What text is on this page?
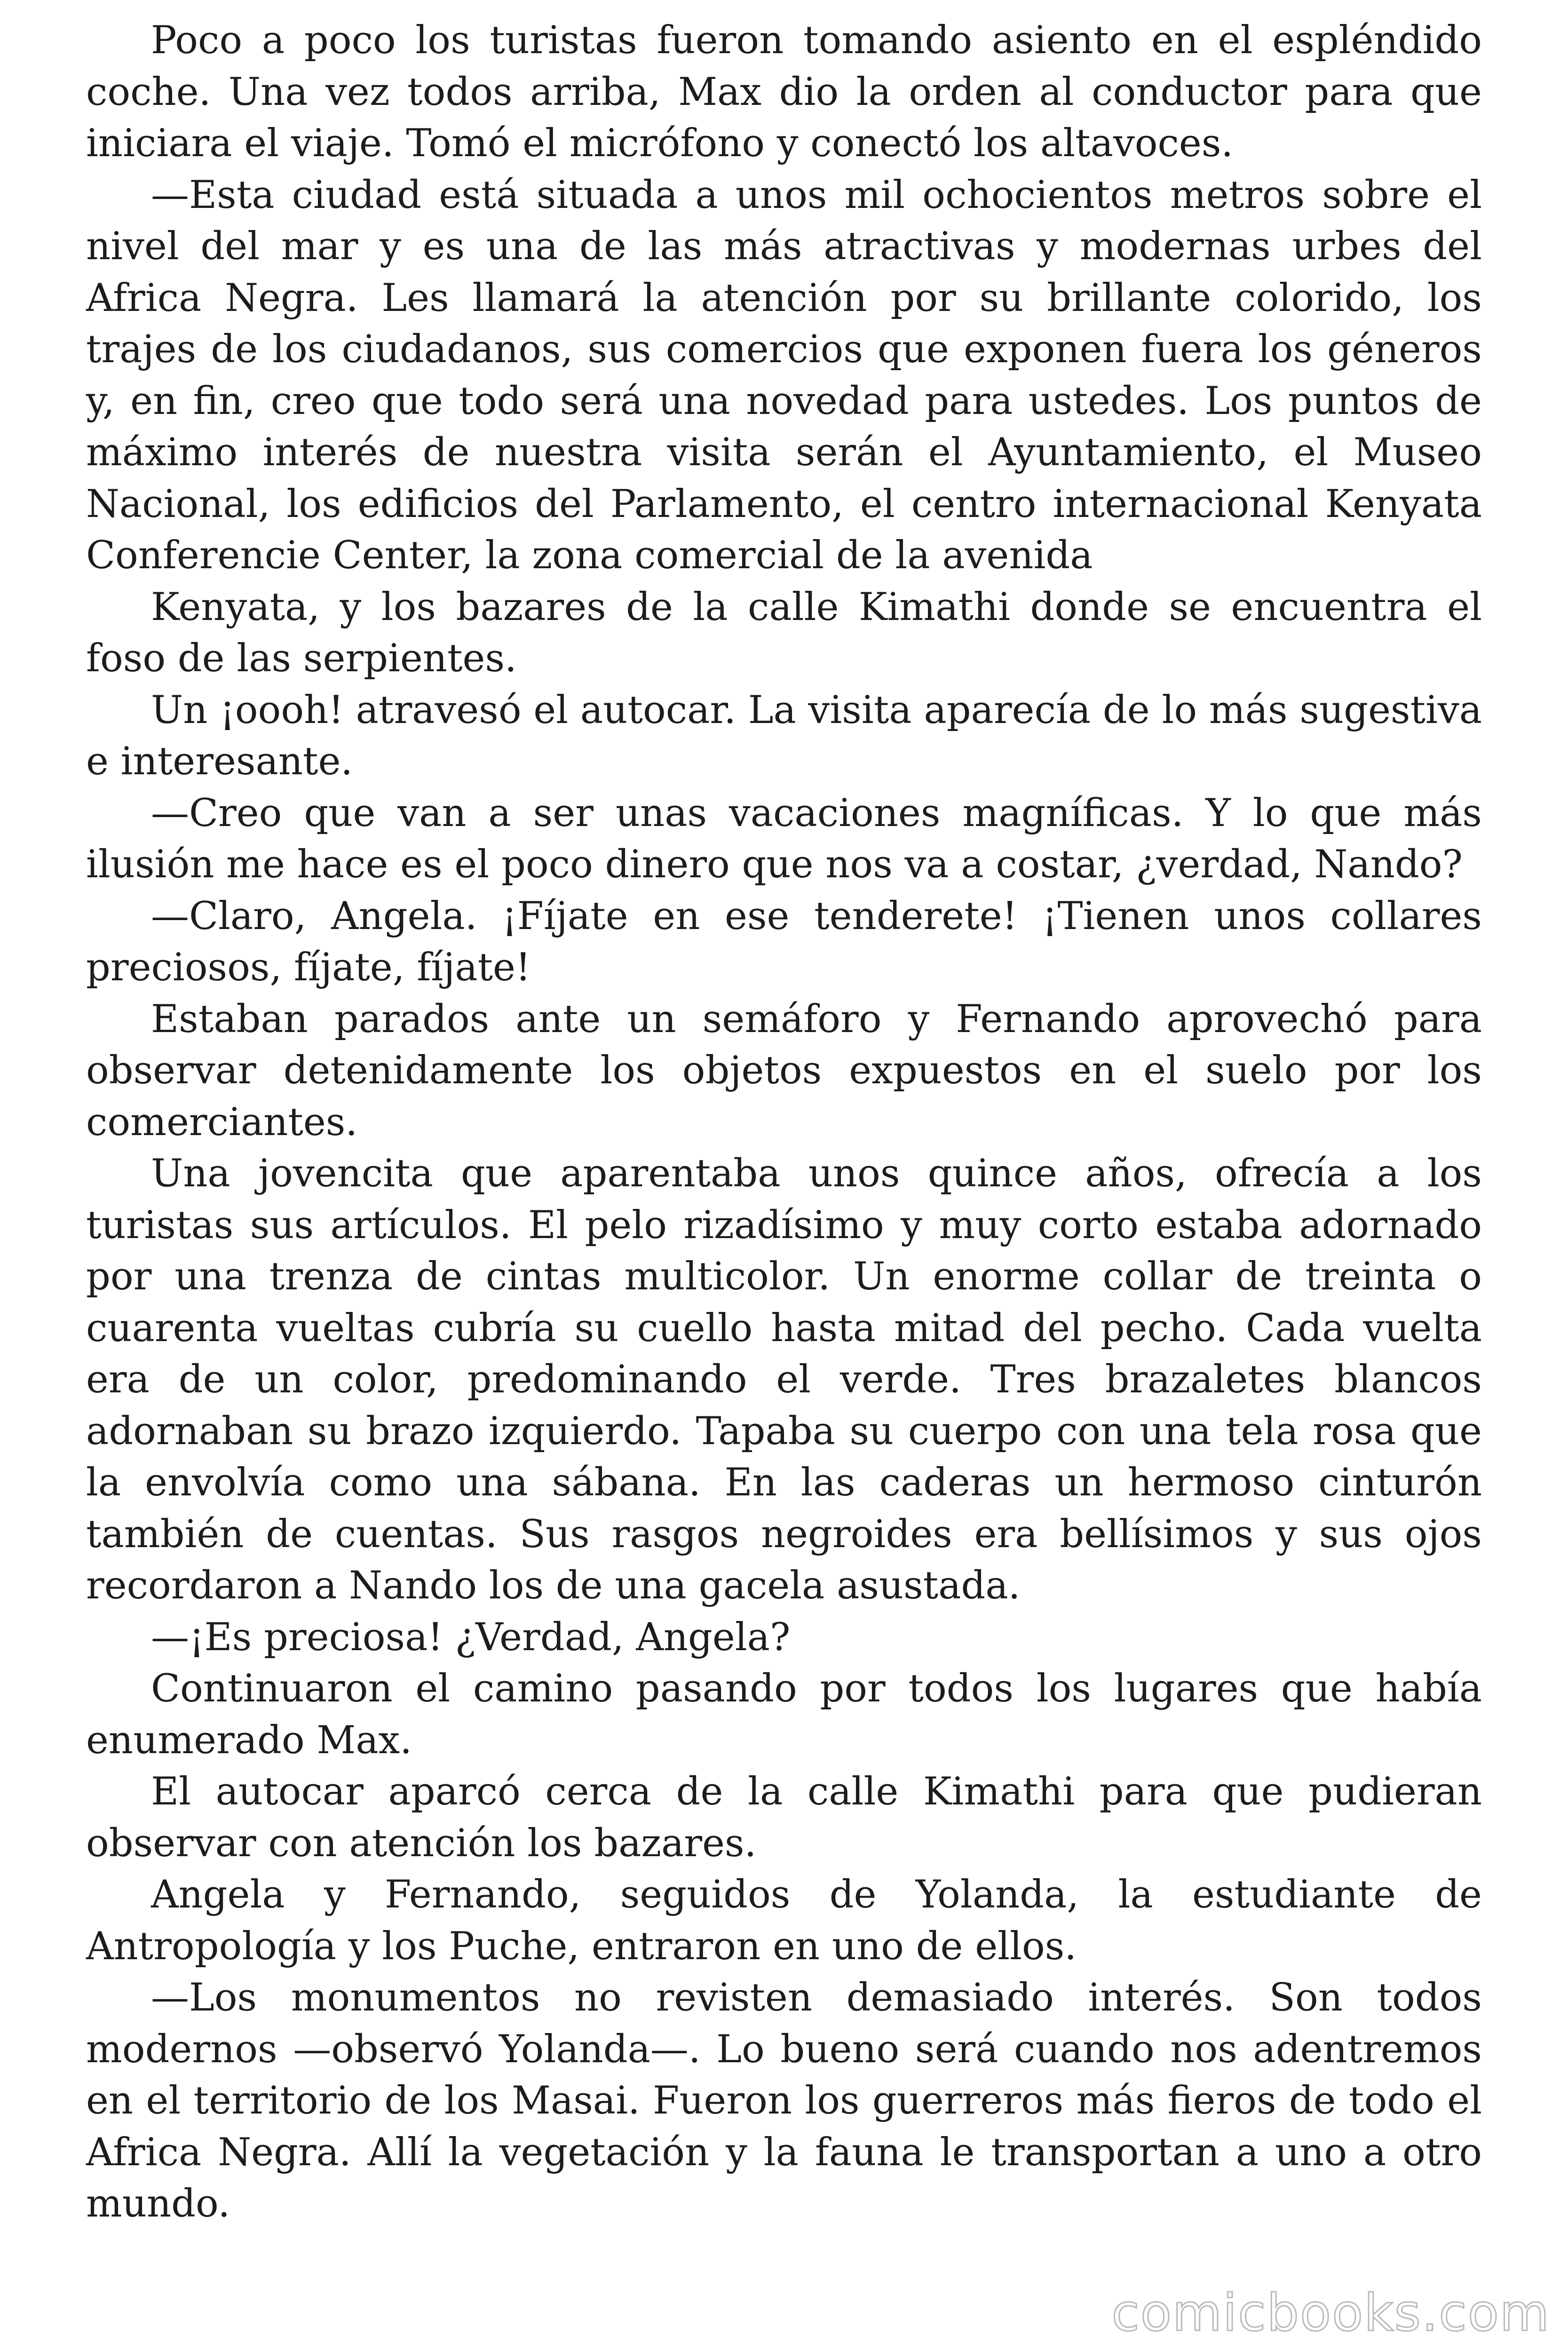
Poco a poco los turistas fueron tomando asiento en el espléndido coche. Una vez todos arriba, Max dio la orden al conductor para que iniciara el viaje. Tomó el micrófono y conectó los altavoces.

—Esta ciudad está situada a unos mil ochocientos metros sobre el nivel del mar y es una de las más atractivas y modernas urbes del Africa Negra. Les llamará la atención por su brillante colorido, los trajes de los ciudadanos, sus comercios que exponen fuera los géneros y, en fin, creo que todo será una novedad para ustedes. Los puntos de máximo interés de nuestra visita serán el Ayuntamiento, el Museo Nacional, los edificios del Parlamento, el centro internacional Kenyata Conferencie Center, la zona comercial de la avenida

Kenyata, y los bazares de la calle Kimathi donde se encuentra el foso de las serpientes.

Un ¡oooh! atravesó el autocar. La visita aparecía de lo más sugestiva e interesante.

—Creo que van a ser unas vacaciones magníficas. Y lo que más ilusión me hace es el poco dinero que nos va a costar, ¿verdad, Nando?

—Claro, Angela. ¡Fíjate en ese tenderete! ¡Tienen unos collares preciosos, fíjate, fíjate!

Estaban parados ante un semáforo y Fernando aprovechó para observar detenidamente los objetos expuestos en el suelo por los comerciantes.

Una jovencita que aparentaba unos quince años, ofrecía a los turistas sus artículos. El pelo rizadísimo y muy corto estaba adornado por una trenza de cintas multicolor. Un enorme collar de treinta o cuarenta vueltas cubría su cuello hasta mitad del pecho. Cada vuelta era de un color, predominando el verde. Tres brazaletes blancos adornaban su brazo izquierdo. Tapaba su cuerpo con una tela rosa que la envolvía como una sábana. En las caderas un hermoso cinturón también de cuentas. Sus rasgos negroides era bellísimos y sus ojos recordaron a Nando los de una gacela asustada.

—¡Es preciosa! ¿Verdad, Angela?

Continuaron el camino pasando por todos los lugares que había enumerado Max.

El autocar aparcó cerca de la calle Kimathi para que pudieran observar con atención los bazares.

Angela y Fernando, seguidos de Yolanda, la estudiante de Antropología y los Puche, entraron en uno de ellos.

—Los monumentos no revisten demasiado interés. Son todos modernos —observó Yolanda—. Lo bueno será cuando nos adentremos en el territorio de los Masai. Fueron los guerreros más fieros de todo el Africa Negra. Allí la vegetación y la fauna le transportan a uno a otro mundo.

comicbooks.com
